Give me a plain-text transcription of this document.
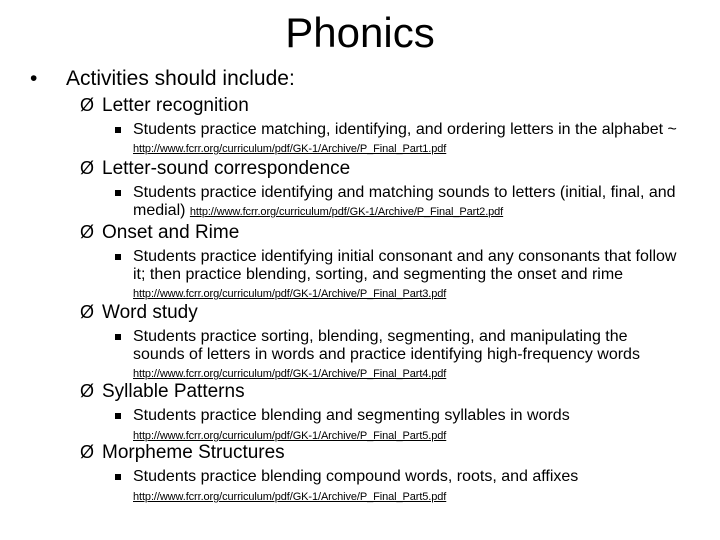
Phonics
• Activities should include:
Ø Letter recognition
Students practice matching, identifying, and ordering letters in the alphabet ~ http://www.fcrr.org/curriculum/pdf/GK-1/Archive/P_Final_Part1.pdf
Ø Letter-sound correspondence
Students practice identifying and matching sounds to letters (initial, final, and medial) http://www.fcrr.org/curriculum/pdf/GK-1/Archive/P_Final_Part2.pdf
Ø Onset and Rime
Students practice identifying initial consonant and any consonants that follow it; then practice blending, sorting, and segmenting the onset and rime http://www.fcrr.org/curriculum/pdf/GK-1/Archive/P_Final_Part3.pdf
Ø Word study
Students practice sorting, blending, segmenting, and manipulating the sounds of letters in words and practice identifying high-frequency words http://www.fcrr.org/curriculum/pdf/GK-1/Archive/P_Final_Part4.pdf
Ø Syllable Patterns
Students practice blending and segmenting syllables in words
http://www.fcrr.org/curriculum/pdf/GK-1/Archive/P_Final_Part5.pdf
Ø Morpheme Structures
Students practice blending compound words, roots, and affixes
http://www.fcrr.org/curriculum/pdf/GK-1/Archive/P_Final_Part5.pdf
